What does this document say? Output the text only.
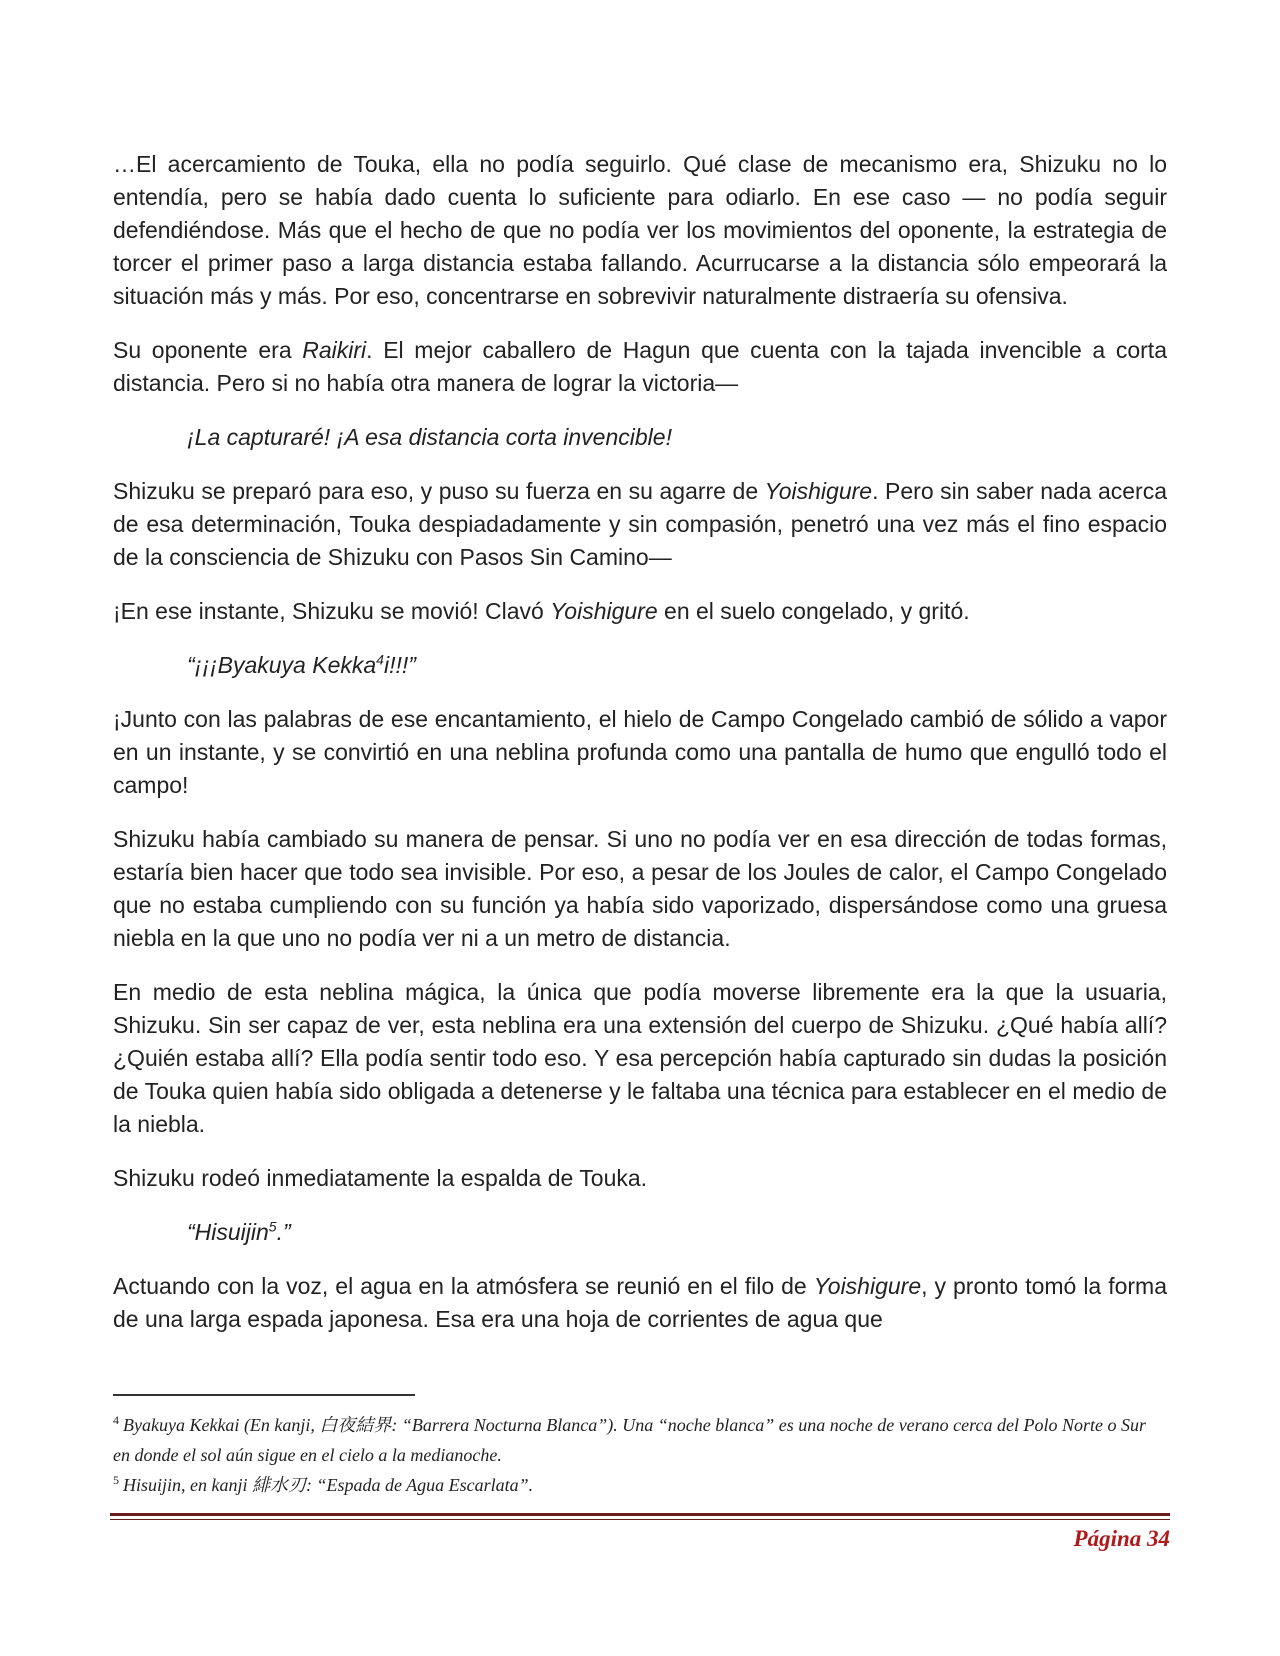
…El acercamiento de Touka, ella no podía seguirlo. Qué clase de mecanismo era, Shizuku no lo entendía, pero se había dado cuenta lo suficiente para odiarlo. En ese caso — no podía seguir defendiéndose. Más que el hecho de que no podía ver los movimientos del oponente, la estrategia de torcer el primer paso a larga distancia estaba fallando. Acurrucarse a la distancia sólo empeorará la situación más y más. Por eso, concentrarse en sobrevivir naturalmente distraería su ofensiva.

Su oponente era Raikiri. El mejor caballero de Hagun que cuenta con la tajada invencible a corta distancia. Pero si no había otra manera de lograr la victoria—

¡La capturaré! ¡A esa distancia corta invencible!

Shizuku se preparó para eso, y puso su fuerza en su agarre de Yoishigure. Pero sin saber nada acerca de esa determinación, Touka despiadadamente y sin compasión, penetró una vez más el fino espacio de la consciencia de Shizuku con Pasos Sin Camino—

¡En ese instante, Shizuku se movió! Clavó Yoishigure en el suelo congelado, y gritó.

“¡¡¡Byakuya Kekka$^4$i!!!”

¡Junto con las palabras de ese encantamiento, el hielo de Campo Congelado cambió de sólido a vapor en un instante, y se convirtió en una neblina profunda como una pantalla de humo que engulló todo el campo!

Shizuku había cambiado su manera de pensar. Si uno no podía ver en esa dirección de todas formas, estaría bien hacer que todo sea invisible. Por eso, a pesar de los Joules de calor, el Campo Congelado que no estaba cumpliendo con su función ya había sido vaporizado, dispersándose como una gruesa niebla en la que uno no podía ver ni a un metro de distancia.

En medio de esta neblina mágica, la única que podía moverse libremente era la que la usuaria, Shizuku. Sin ser capaz de ver, esta neblina era una extensión del cuerpo de Shizuku. ¿Qué había allí? ¿Quién estaba allí? Ella podía sentir todo eso. Y esa percepción había capturado sin dudas la posición de Touka quien había sido obligada a detenerse y le faltaba una técnica para establecer en el medio de la niebla.

Shizuku rodeó inmediatamente la espalda de Touka.

“Hisuijin$^5$.”

Actuando con la voz, el agua en la atmósfera se reunió en el filo de Yoishigure, y pronto tomó la forma de una larga espada japonesa. Esa era una hoja de corrientes de agua que

$^4$ Byakuya Kekkai (En kanji, 白夜結界: “Barrera Nocturna Blanca”). Una “noche blanca” es una noche de verano cerca del Polo Norte o Sur en donde el sol aún sigue en el cielo a la medianoche.

$^5$ Hisuijin, en kanji 緋水刃: “Espada de Agua Escarlata”.

Página 34
